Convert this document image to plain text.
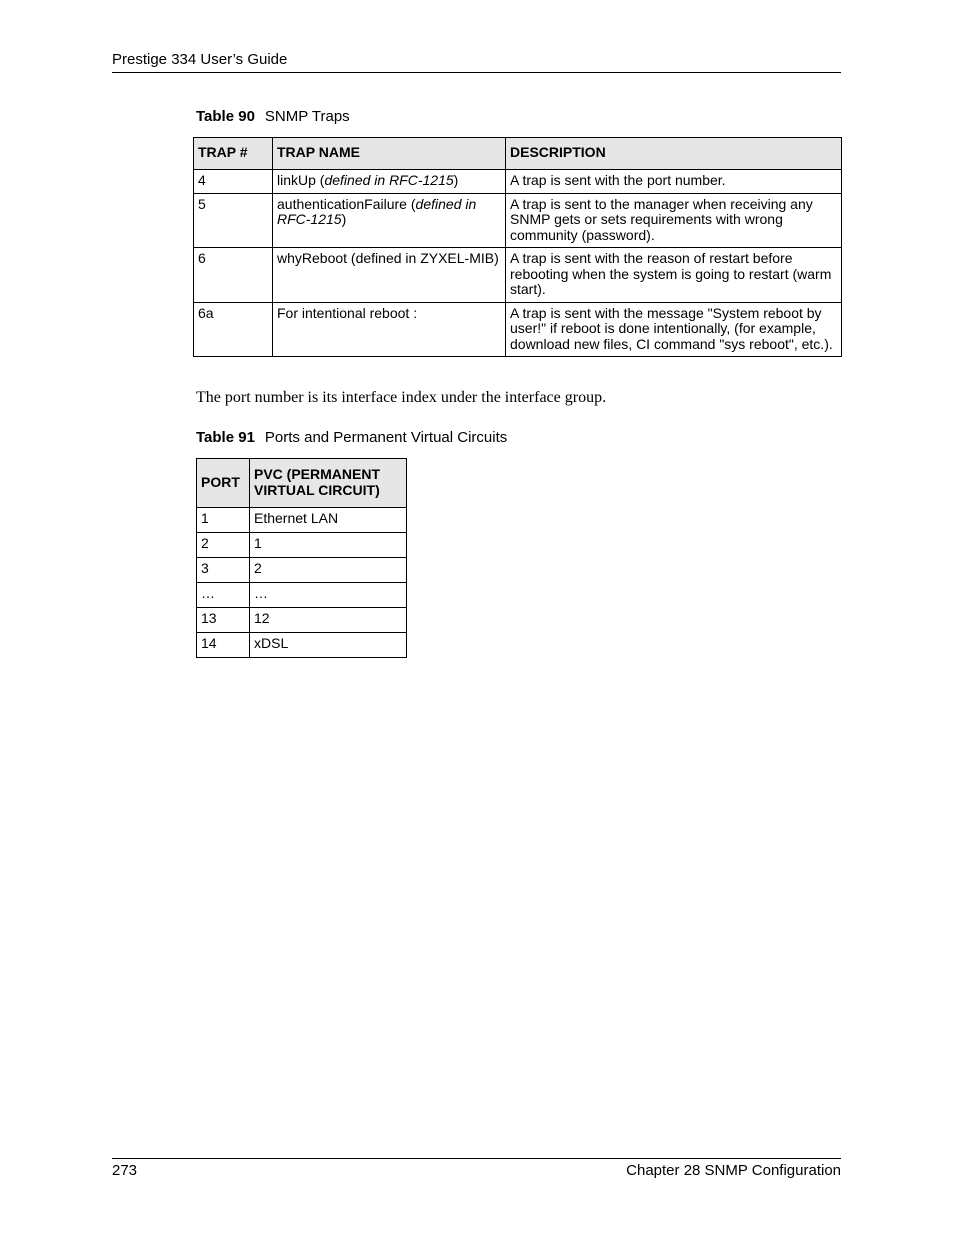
Prestige 334 User’s Guide
Table 90 SNMP Traps
TRAP #	TRAP NAME	DESCRIPTION
4	linkUp (defined in RFC-1215)	A trap is sent with the port number.
5	authenticationFailure (defined in RFC-1215)	A trap is sent to the manager when receiving any SNMP gets or sets requirements with wrong community (password).
6	whyReboot (defined in ZYXEL-MIB)	A trap is sent with the reason of restart before rebooting when the system is going to restart (warm start).
6a	For intentional reboot :	A trap is sent with the message "System reboot by user!" if reboot is done intentionally, (for example, download new files, CI command "sys reboot", etc.).
The port number is its interface index under the interface group.
Table 91 Ports and Permanent Virtual Circuits
PORT	PVC (PERMANENT VIRTUAL CIRCUIT)
1	Ethernet LAN
2	1
3	2
…	…
13	12
14	xDSL
273	Chapter 28 SNMP Configuration
